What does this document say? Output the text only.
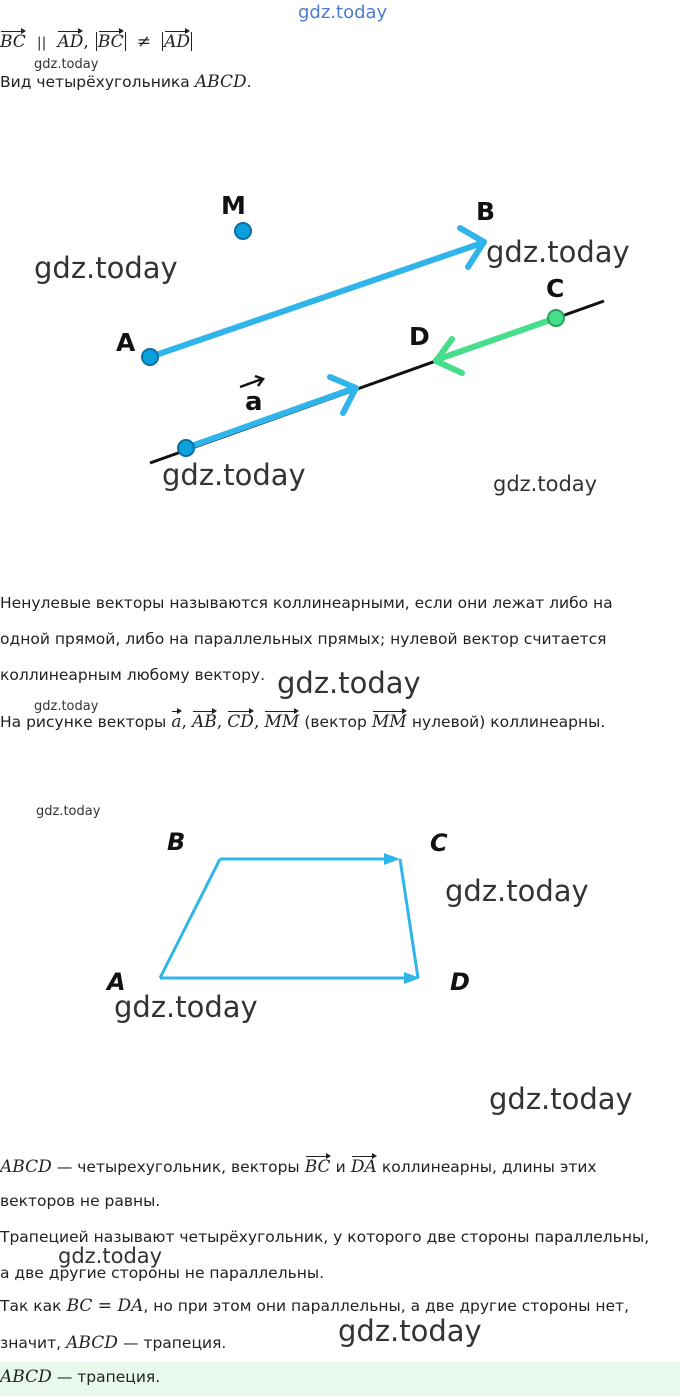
gdz.today
gdz.today
BC || AD, BC ≠ AD
Вид четырёхугольника ABCD.
M	B
A
C
D
a
gdz.today	gdz.today
gdz.today	gdz.today
Ненулевые векторы называются коллинеарными, если они лежат либо на
одной прямой, либо на параллельных прямых; нулевой вектор считается
коллинеарным любому вектору. gdz.today
gdz.today
На рисунке векторы a, AB, CD, MM (вектор MM нулевой) коллинеарны.
gdz.today
B	C
A	D
gdz.today
gdz.today
gdz.today
ABCD — четырехугольник, векторы BC и DA коллинеарны, длины этих
векторов не равны.
Трапецией называют четырёхугольник, у которого две стороны параллельны,
gdz.today
а две другие стороны не параллельны.
Так как BC = DA, но при этом они параллельны, а две другие стороны нет,
значит, ABCD — трапеция.	gdz.today
ABCD — трапеция.
